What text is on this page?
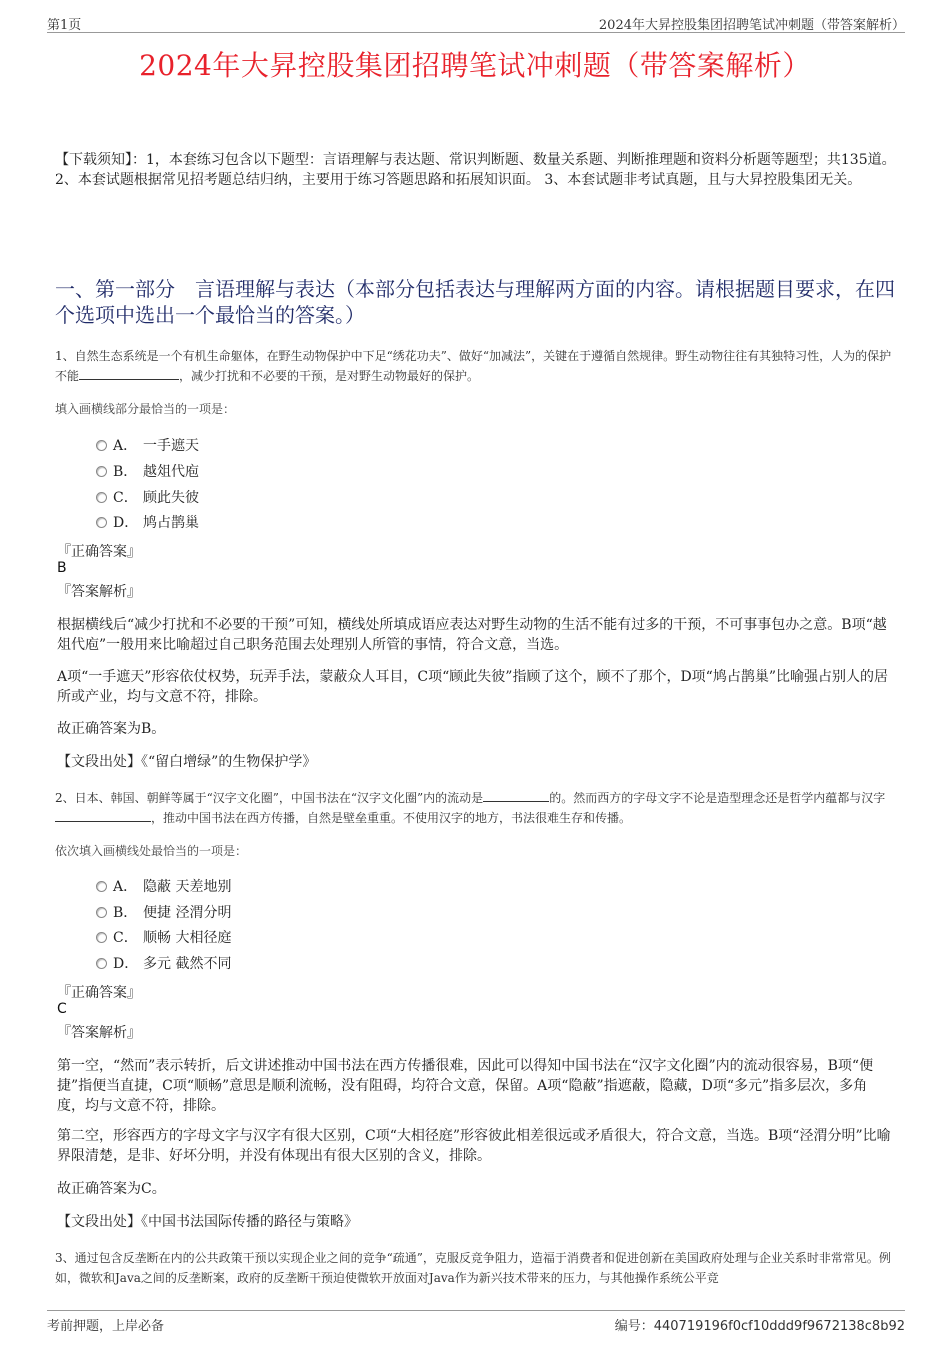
第1页	2024年大昇控股集团招聘笔试冲刺题（带答案解析）
2024年大昇控股集团招聘笔试冲刺题（带答案解析）
【下载须知】：1，本套练习包含以下题型：言语理解与表达题、常识判断题、数量关系题、判断推理题和资料分析题等题型；共135道。 2、本套试题根据常见招考题总结归纳，主要用于练习答题思路和拓展知识面。 3、本套试题非考试真题，且与大昇控股集团无关。
一、第一部分　言语理解与表达（本部分包括表达与理解两方面的内容。请根据题目要求，在四个选项中选出一个最恰当的答案。）
1、自然生态系统是一个有机生命躯体，在野生动物保护中下足“绣花功夫”、做好“加减法”，关键在于遵循自然规律。野生动物往往有其独特习性，人为的保护不能	，减少打扰和不必要的干预，是对野生动物最好的保护。
填入画横线部分最恰当的一项是：
A． 一手遮天
B． 越俎代庖
C． 顾此失彼
D． 鸠占鹊巢
『正确答案』
B
『答案解析』
根据横线后“减少打扰和不必要的干预”可知，横线处所填成语应表达对野生动物的生活不能有过多的干预，不可事事包办之意。B项“越俎代庖”一般用来比喻超过自己职务范围去处理别人所管的事情，符合文意，当选。
A项“一手遮天”形容依仗权势，玩弄手法，蒙蔽众人耳目，C项“顾此失彼”指顾了这个，顾不了那个，D项“鸠占鹊巢”比喻强占别人的居所或产业，均与文意不符，排除。
故正确答案为B。
【文段出处】《“留白增绿”的生物保护学》
2、日本、韩国、朝鲜等属于“汉字文化圈”，中国书法在“汉字文化圈”内的流动是	的。然而西方的字母文字不论是造型理念还是哲学内蕴都与汉字，推动中国书法在西方传播，自然是壁垒重重。不使用汉字的地方，书法很难生存和传播。
依次填入画横线处最恰当的一项是：
A． 隐蔽 天差地别
B． 便捷 泾渭分明
C． 顺畅 大相径庭
D． 多元 截然不同
『正确答案』
C
『答案解析』
第一空，“然而”表示转折，后文讲述推动中国书法在西方传播很难，因此可以得知中国书法在“汉字文化圈”内的流动很容易，B项“便捷”指便当直捷，C项“顺畅”意思是顺利流畅，没有阻碍，均符合文意，保留。A项“隐蔽”指遮蔽，隐藏，D项“多元”指多层次，多角度，均与文意不符，排除。
第二空，形容西方的字母文字与汉字有很大区别，C项“大相径庭”形容彼此相差很远或矛盾很大，符合文意，当选。B项“泾渭分明”比喻界限清楚，是非、好坏分明，并没有体现出有很大区别的含义，排除。
故正确答案为C。
【文段出处】《中国书法国际传播的路径与策略》
3、通过包含反垄断在内的公共政策干预以实现企业之间的竞争“疏通”，克服反竞争阻力，造福于消费者和促进创新在美国政府处理与企业关系时非常常见。例如，微软和Java之间的反垄断案，政府的反垄断干预迫使微软开放面对Java作为新兴技术带来的压力，与其他操作系统公平竞
考前押题，上岸必备	编号：440719196f0cf10ddd9f9672138c8b92
